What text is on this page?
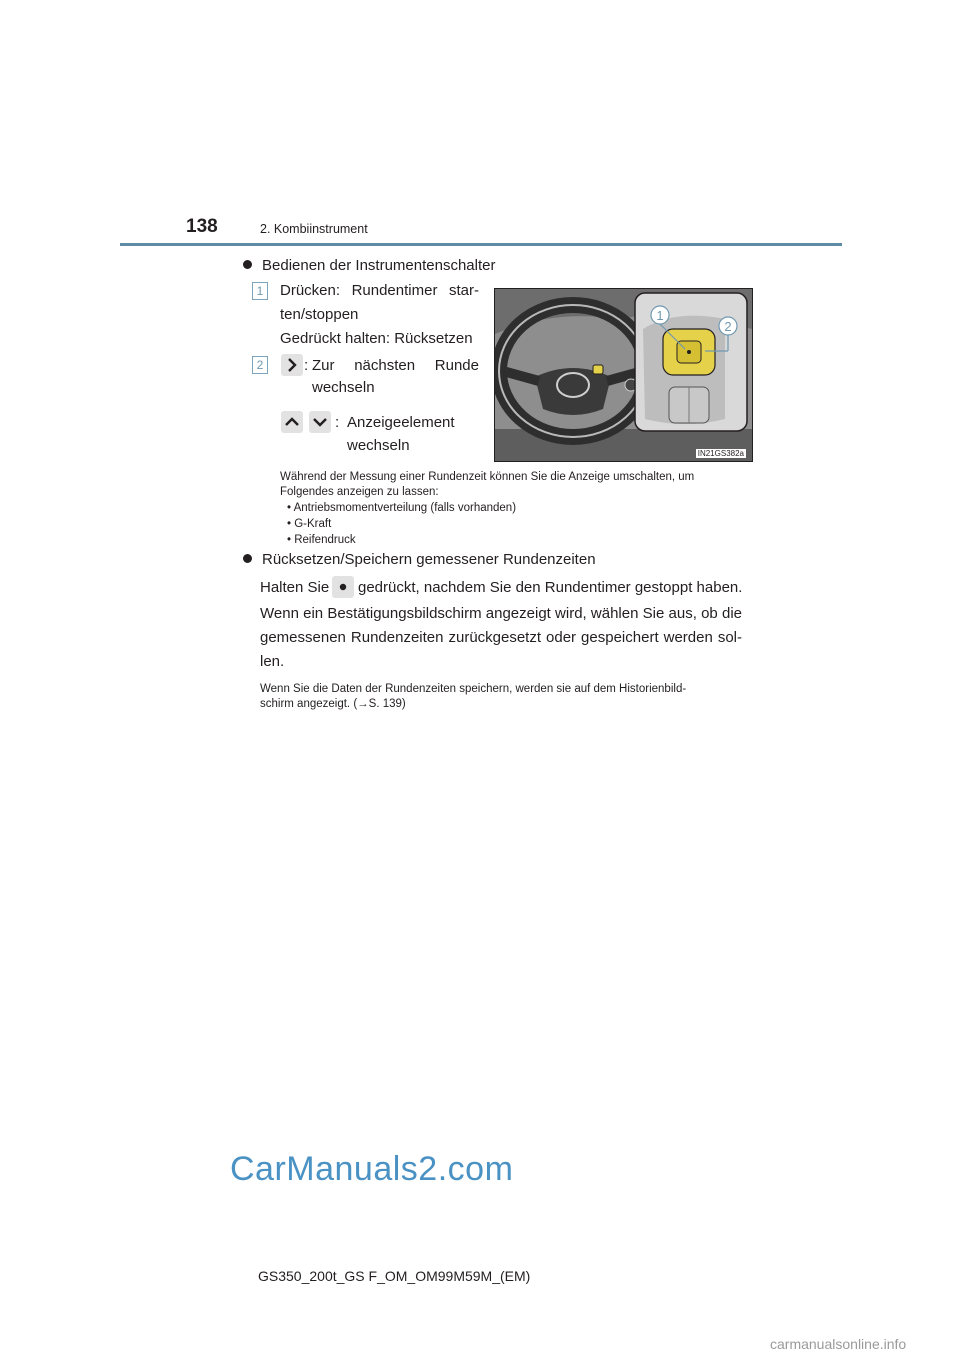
138	2. Kombiinstrument
Bedienen der Instrumentenschalter
1	Drücken: Rundentimer star-
ten/stoppen
Gedrückt halten: Rücksetzen
2	: Zur nächsten Runde
wechseln
: Anzeigeelement
wechseln
1
2
IN21GS382a
Während der Messung einer Rundenzeit können Sie die Anzeige umschalten, um
Folgendes anzeigen zu lassen:
• Antriebsmomentverteilung (falls vorhanden)
• G-Kraft
• Reifendruck
Rücksetzen/Speichern gemessener Rundenzeiten
Halten Sie gedrückt, nachdem Sie den Rundentimer gestoppt haben.
Wenn ein Bestätigungsbildschirm angezeigt wird, wählen Sie aus, ob die
gemessenen Rundenzeiten zurückgesetzt oder gespeichert werden sol-
len.
Wenn Sie die Daten der Rundenzeiten speichern, werden sie auf dem Historienbild-
schirm angezeigt. (→S. 139)
CarManuals2.com
GS350_200t_GS F_OM_OM99M59M_(EM)
carmanualsonline.info
